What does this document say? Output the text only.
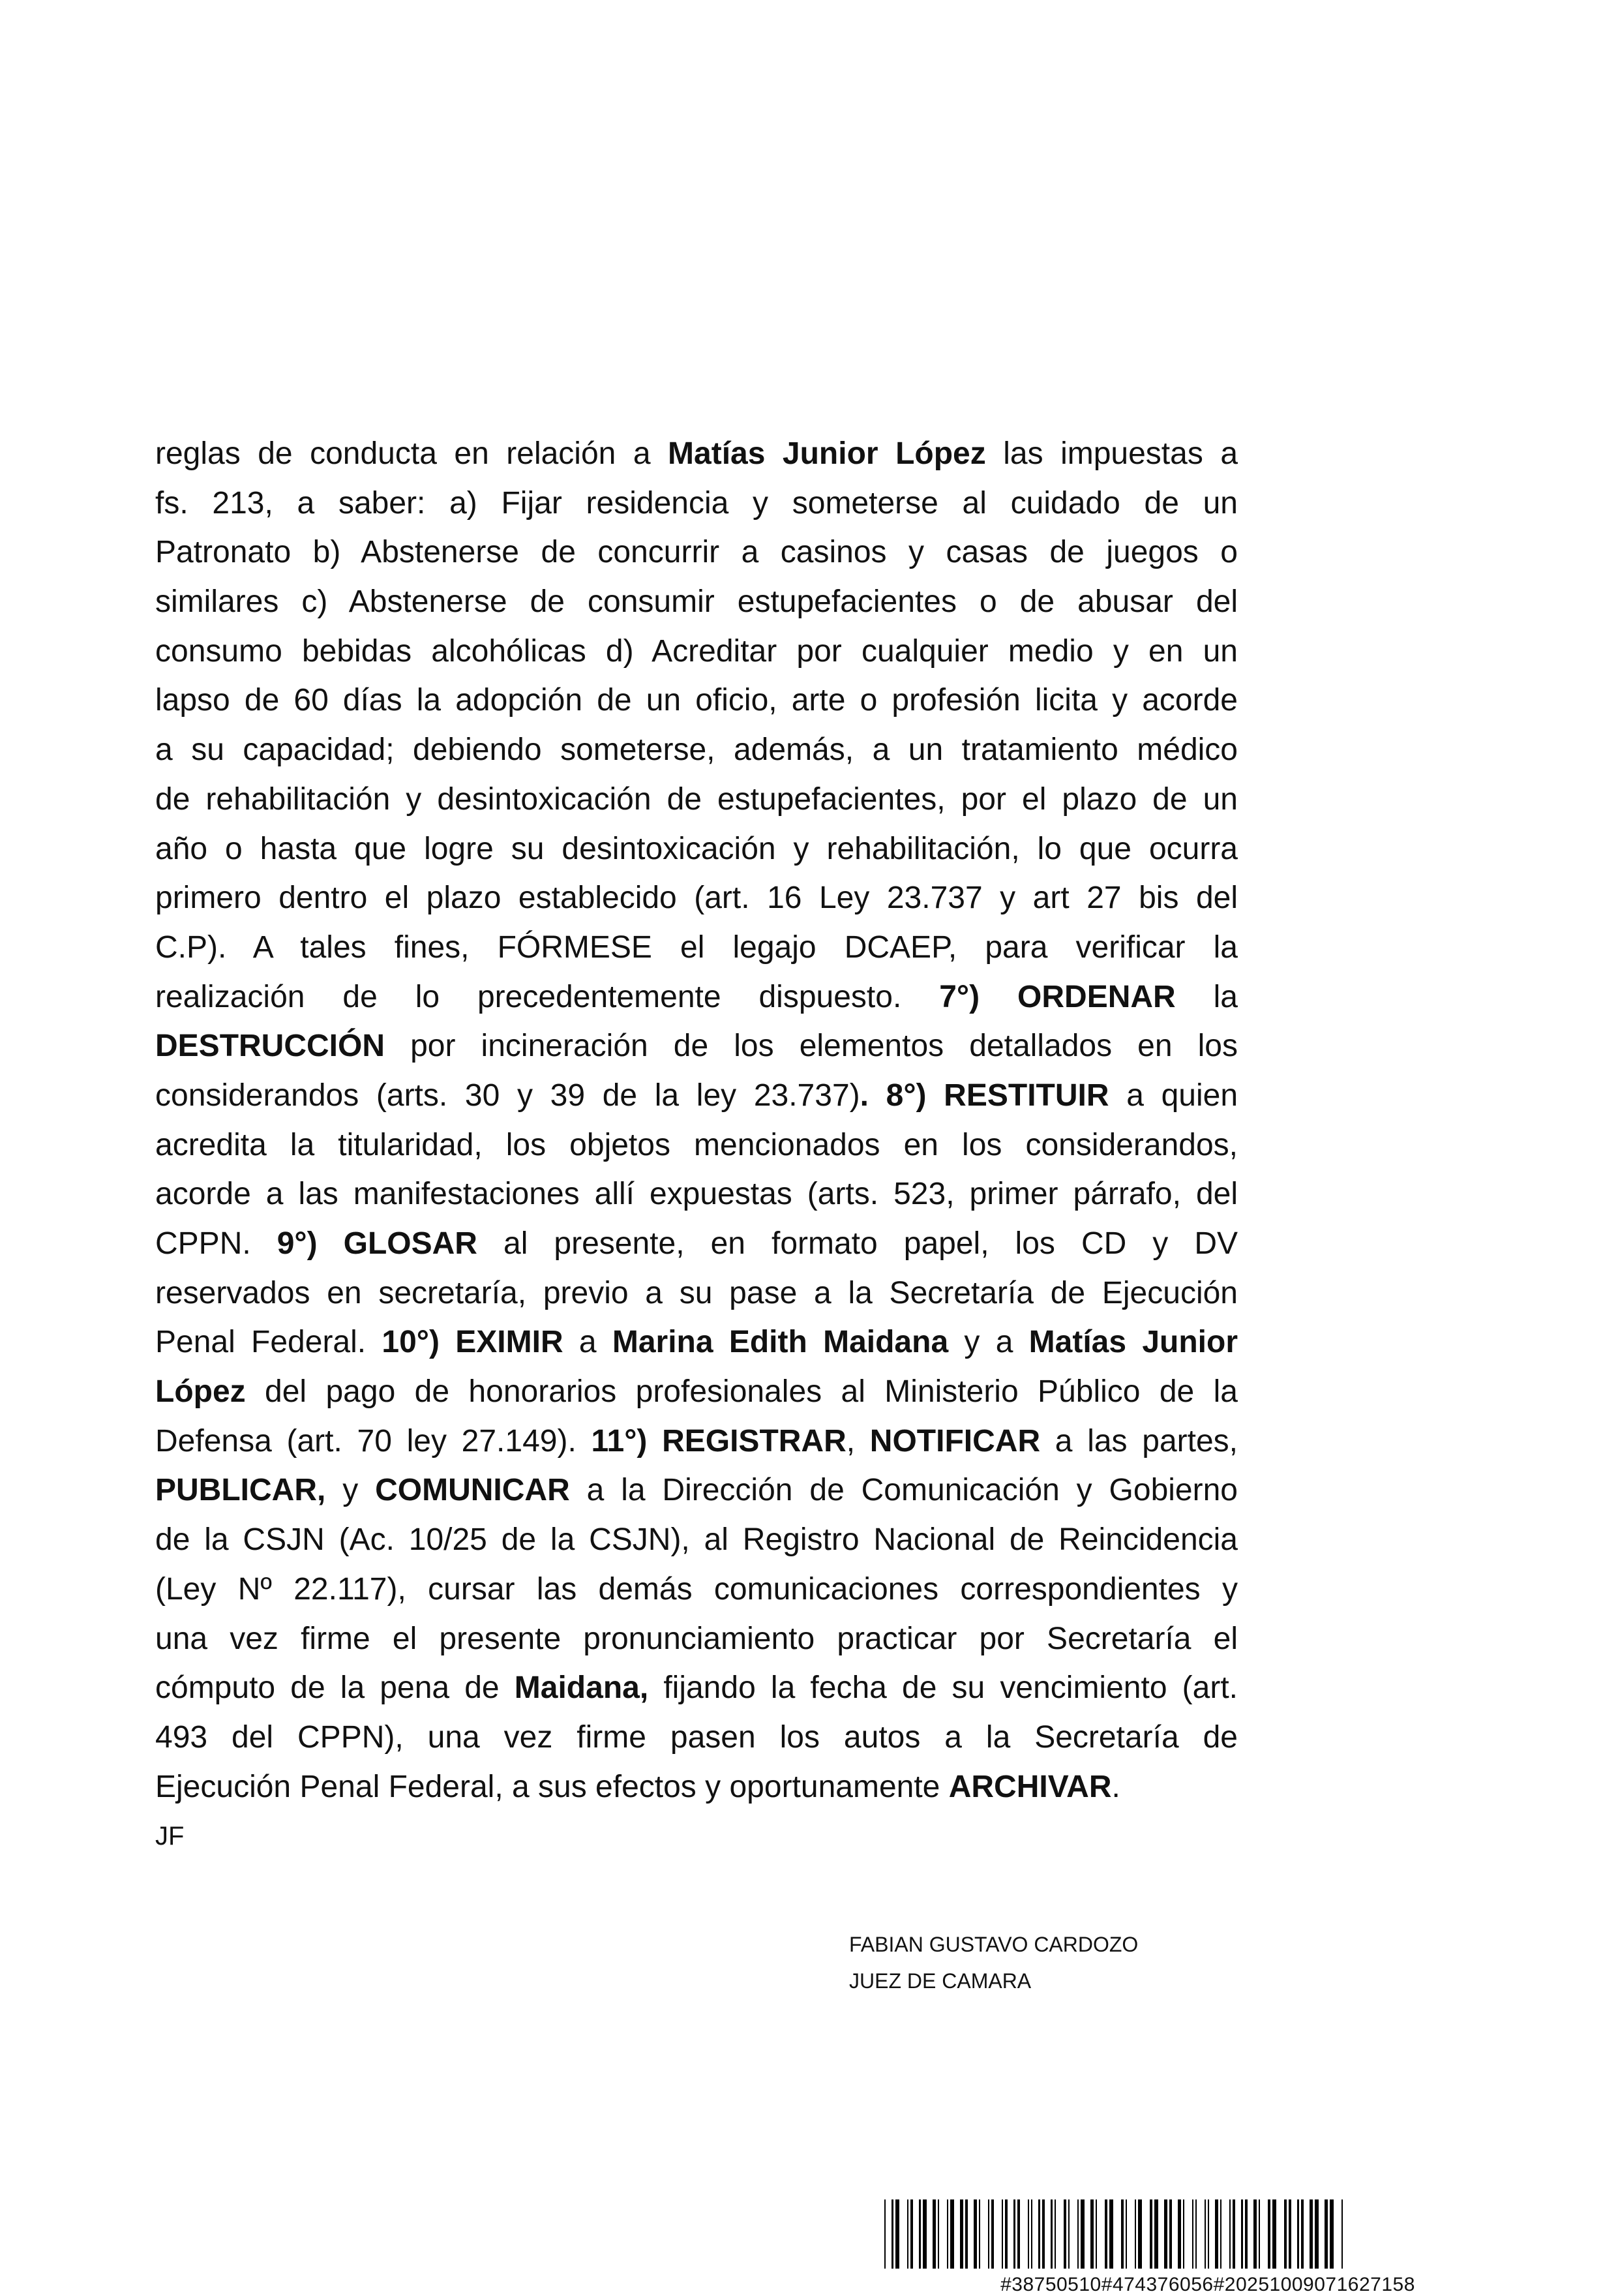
reglas de conducta en relación a Matías Junior López las impuestas a
fs. 213, a saber: a) Fijar residencia y someterse al cuidado de un
Patronato b) Abstenerse de concurrir a casinos y casas de juegos o
similares c) Abstenerse de consumir estupefacientes o de abusar del
consumo bebidas alcohólicas d) Acreditar por cualquier medio y en un
lapso de 60 días la adopción de un oficio, arte o profesión licita y acorde
a su capacidad; debiendo someterse, además, a un tratamiento médico
de rehabilitación y desintoxicación de estupefacientes, por el plazo de un
año o hasta que logre su desintoxicación y rehabilitación, lo que ocurra
primero dentro el plazo establecido (art. 16 Ley 23.737 y art 27 bis del
C.P). A tales fines, FÓRMESE el legajo DCAEP, para verificar la
realización de lo precedentemente dispuesto. 7°) ORDENAR la
DESTRUCCIÓN por incineración de los elementos detallados en los
considerandos (arts. 30 y 39 de la ley 23.737). 8°) RESTITUIR a quien
acredita la titularidad, los objetos mencionados en los considerandos,
acorde a las manifestaciones allí expuestas (arts. 523, primer párrafo, del
CPPN. 9°) GLOSAR al presente, en formato papel, los CD y DV
reservados en secretaría, previo a su pase a la Secretaría de Ejecución
Penal Federal. 10°) EXIMIR a Marina Edith Maidana y a Matías Junior
López del pago de honorarios profesionales al Ministerio Público de la
Defensa (art. 70 ley 27.149). 11°) REGISTRAR, NOTIFICAR a las partes,
PUBLICAR, y COMUNICAR a la Dirección de Comunicación y Gobierno
de la CSJN (Ac. 10/25 de la CSJN), al Registro Nacional de Reincidencia
(Ley Nº 22.117), cursar las demás comunicaciones correspondientes y
una vez firme el presente pronunciamiento practicar por Secretaría el
cómputo de la pena de Maidana, fijando la fecha de su vencimiento (art.
493 del CPPN), una vez firme pasen los autos a la Secretaría de
Ejecución Penal Federal, a sus efectos y oportunamente ARCHIVAR.
JF
FABIAN GUSTAVO CARDOZO
JUEZ DE CAMARA
#38750510#474376056#20251009071627158
